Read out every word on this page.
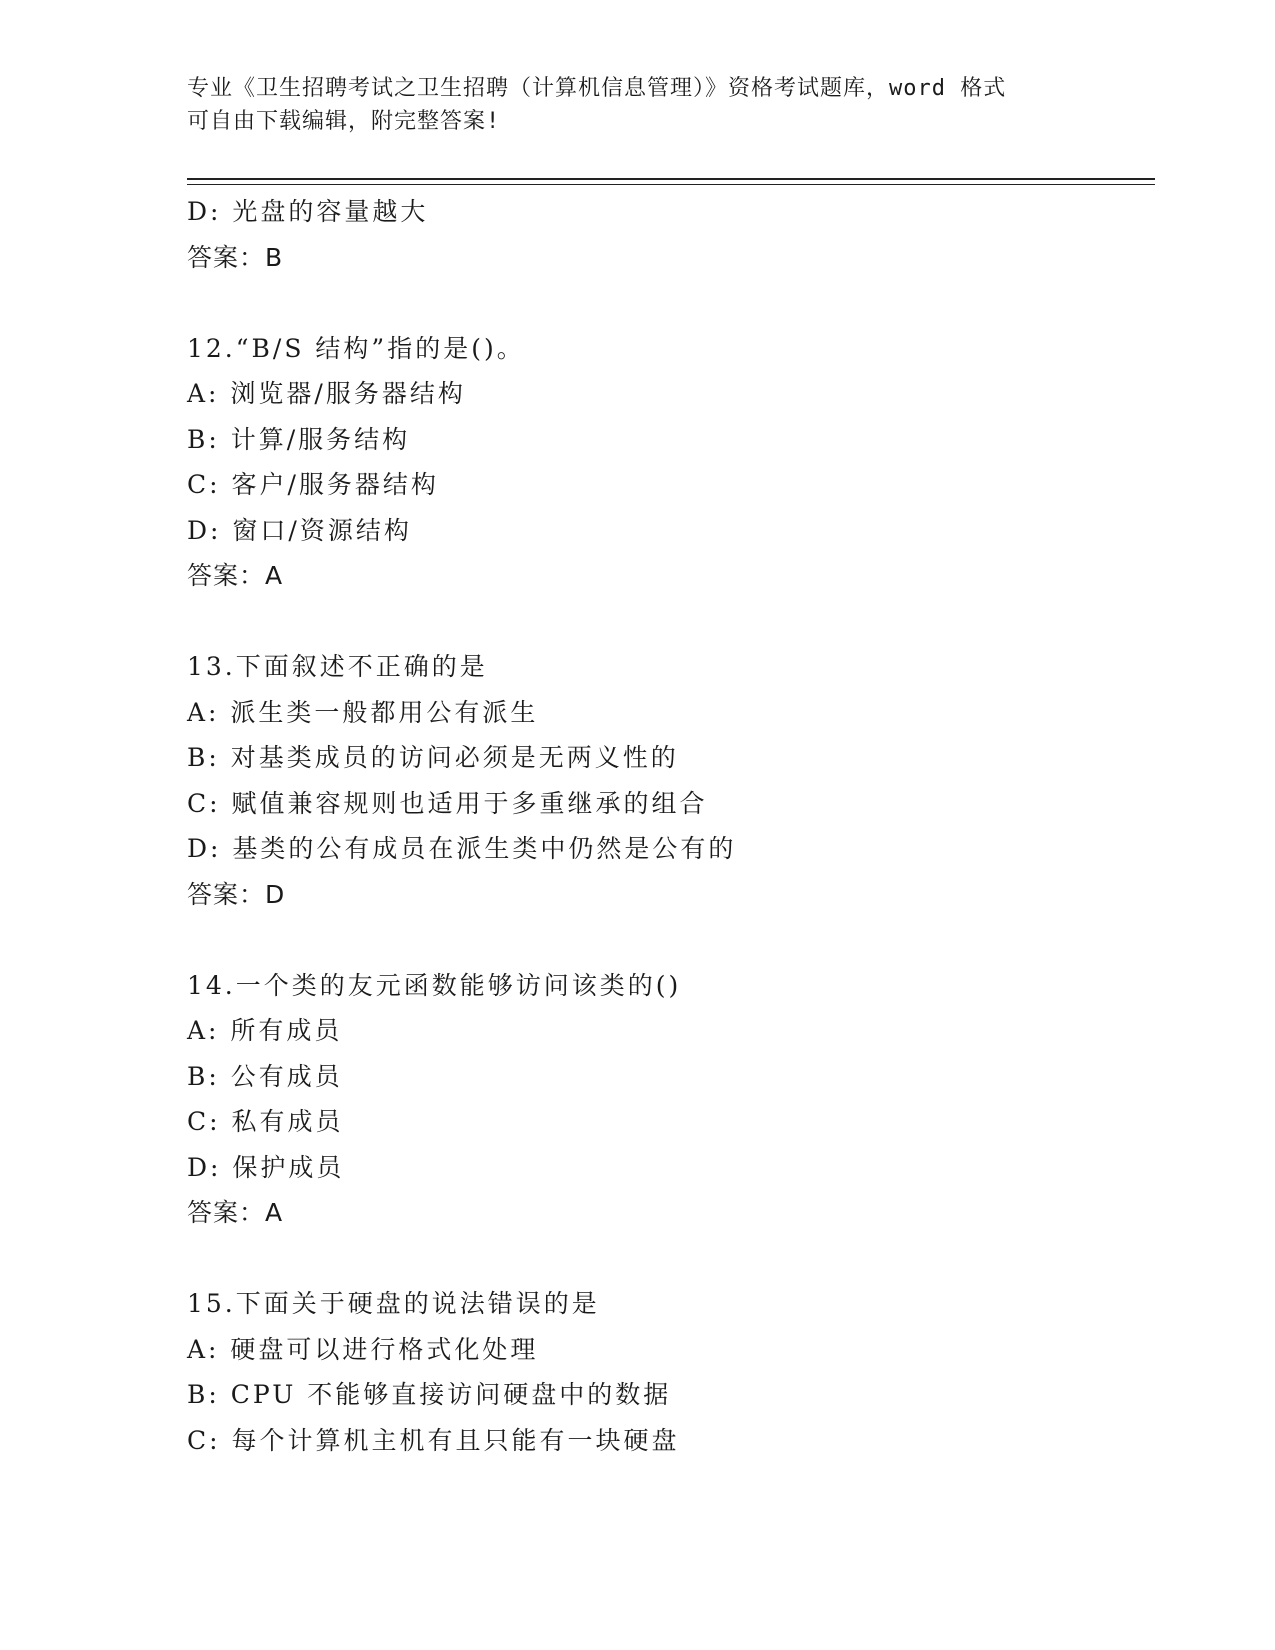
专业《卫生招聘考试之卫生招聘（计算机信息管理）》资格考试题库，word 格式
可自由下载编辑，附完整答案!
D: 光盘的容量越大
答案：B
12.“B/S 结构”指的是()。
A: 浏览器/服务器结构
B: 计算/服务结构
C: 客户/服务器结构
D: 窗口/资源结构
答案：A
13.下面叙述不正确的是
A: 派生类一般都用公有派生
B: 对基类成员的访问必须是无两义性的
C: 赋值兼容规则也适用于多重继承的组合
D: 基类的公有成员在派生类中仍然是公有的
答案：D
14.一个类的友元函数能够访问该类的()
A: 所有成员
B: 公有成员
C: 私有成员
D: 保护成员
答案：A
15.下面关于硬盘的说法错误的是
A: 硬盘可以进行格式化处理
B: CPU 不能够直接访问硬盘中的数据
C: 每个计算机主机有且只能有一块硬盘
